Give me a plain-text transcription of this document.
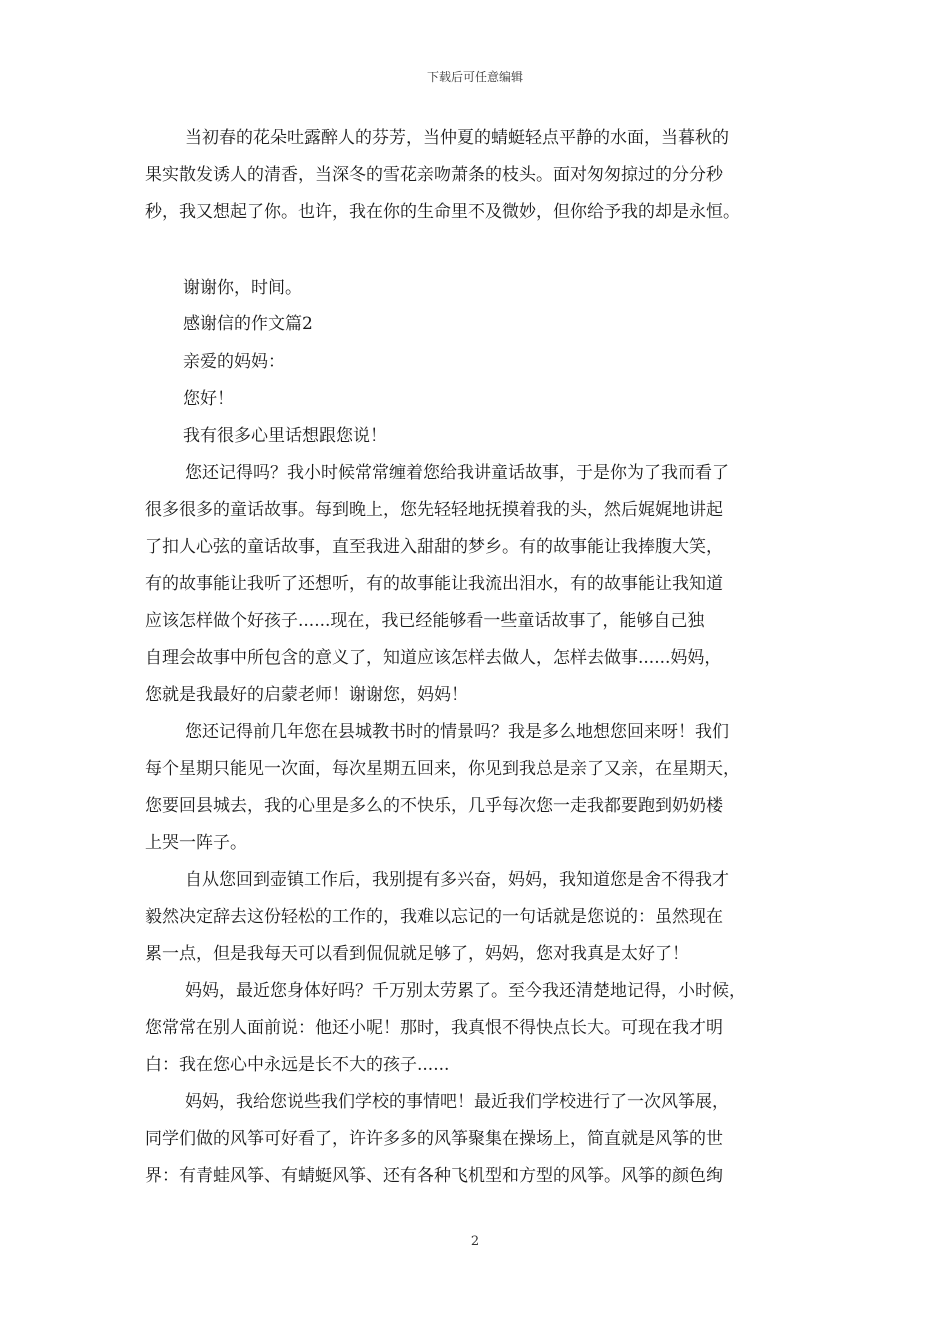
下载后可任意编辑
当初春的花朵吐露醉人的芬芳，当仲夏的蜻蜓轻点平静的水面，当暮秋的
果实散发诱人的清香，当深冬的雪花亲吻萧条的枝头。面对匆匆掠过的分分秒
秒，我又想起了你。也许，我在你的生命里不及微妙，但你给予我的却是永恒。
谢谢你，时间。
感谢信的作文篇2
亲爱的妈妈：
您好！
我有很多心里话想跟您说！
您还记得吗？我小时候常常缠着您给我讲童话故事，于是你为了我而看了
很多很多的童话故事。每到晚上，您先轻轻地抚摸着我的头，然后娓娓地讲起
了扣人心弦的童话故事，直至我进入甜甜的梦乡。有的故事能让我捧腹大笑，
有的故事能让我听了还想听，有的故事能让我流出泪水，有的故事能让我知道
应该怎样做个好孩子......现在，我已经能够看一些童话故事了，能够自己独
自理会故事中所包含的意义了，知道应该怎样去做人，怎样去做事......妈妈，
您就是我最好的启蒙老师！谢谢您，妈妈！
您还记得前几年您在县城教书时的情景吗？我是多么地想您回来呀！我们
每个星期只能见一次面，每次星期五回来，你见到我总是亲了又亲，在星期天，
您要回县城去，我的心里是多么的不快乐，几乎每次您一走我都要跑到奶奶楼
上哭一阵子。
自从您回到壶镇工作后，我别提有多兴奋，妈妈，我知道您是舍不得我才
毅然决定辞去这份轻松的工作的，我难以忘记的一句话就是您说的：虽然现在
累一点，但是我每天可以看到侃侃就足够了，妈妈，您对我真是太好了！
妈妈，最近您身体好吗？千万别太劳累了。至今我还清楚地记得，小时候，
您常常在别人面前说：他还小呢！那时，我真恨不得快点长大。可现在我才明
白：我在您心中永远是长不大的孩子......
妈妈，我给您说些我们学校的事情吧！最近我们学校进行了一次风筝展，
同学们做的风筝可好看了，许许多多的风筝聚集在操场上，简直就是风筝的世
界：有青蛙风筝、有蜻蜓风筝、还有各种飞机型和方型的风筝。风筝的颜色绚
2
